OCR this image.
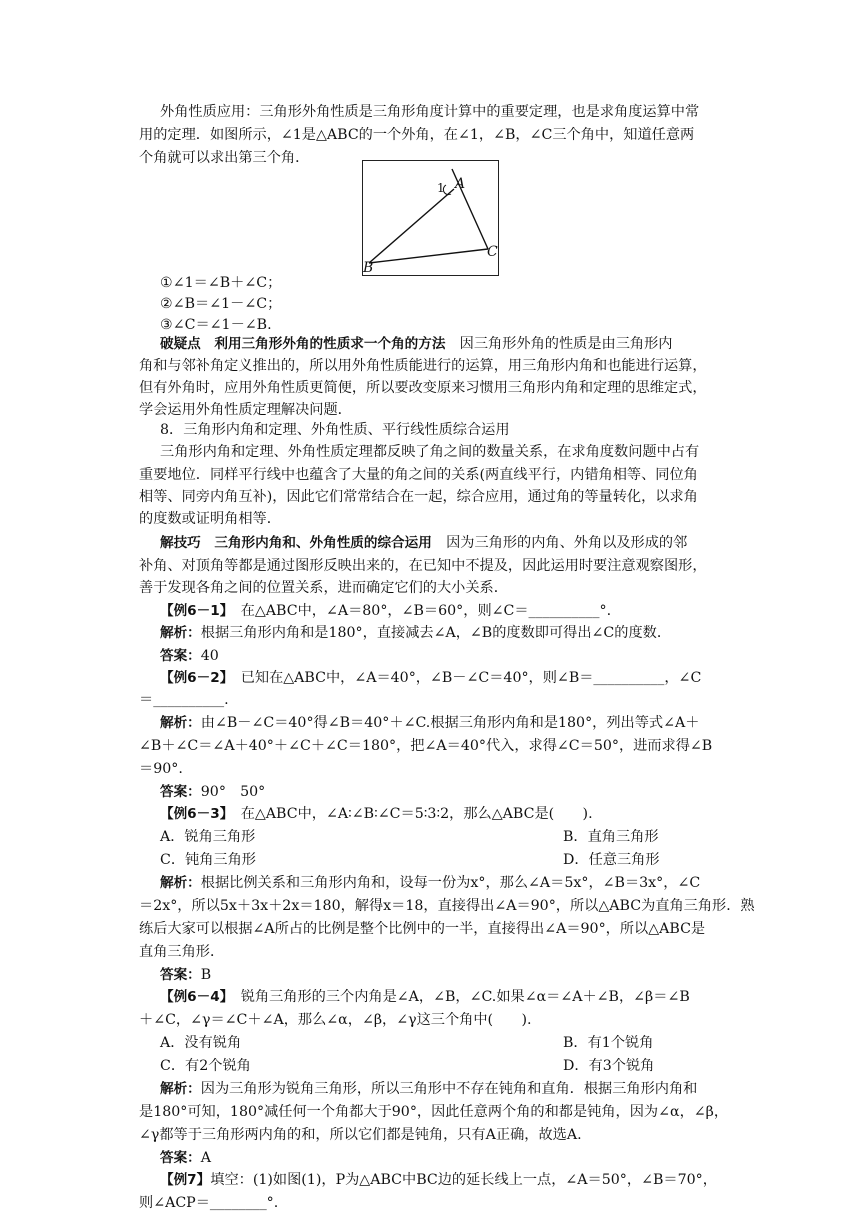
外角性质应用：三角形外角性质是三角形角度计算中的重要定理，也是求角度运算中常
用的定理．如图所示，∠1是△ABC的一个外角，在∠1，∠B，∠C三个角中，知道任意两
个角就可以求出第三个角．
1 A
B
C
①∠1＝∠B＋∠C；
②∠B＝∠1－∠C；
③∠C＝∠1－∠B.
破疑点　利用三角形外角的性质求一个角的方法　因三角形外角的性质是由三角形内
角和与邻补角定义推出的，所以用外角性质能进行的运算，用三角形内角和也能进行运算，
但有外角时，应用外角性质更简便，所以要改变原来习惯用三角形内角和定理的思维定式，
学会运用外角性质定理解决问题．
8．三角形内角和定理、外角性质、平行线性质综合运用
三角形内角和定理、外角性质定理都反映了角之间的数量关系，在求角度数问题中占有
重要地位．同样平行线中也蕴含了大量的角之间的关系(两直线平行，内错角相等、同位角
相等、同旁内角互补)，因此它们常常结合在一起，综合应用，通过角的等量转化，以求角
的度数或证明角相等．
解技巧　三角形内角和、外角性质的综合运用　因为三角形的内角、外角以及形成的邻
补角、对顶角等都是通过图形反映出来的，在已知中不提及，因此运用时要注意观察图形，
善于发现各角之间的位置关系，进而确定它们的大小关系．
【例6－1】　在△ABC中，∠A＝80°，∠B＝60°，则∠C＝__________°.
解析：根据三角形内角和是180°，直接减去∠A，∠B的度数即可得出∠C的度数．
答案：40
【例6－2】　已知在△ABC中，∠A＝40°，∠B－∠C＝40°，则∠B＝__________，∠C
＝__________.
解析：由∠B－∠C＝40°得∠B＝40°＋∠C.根据三角形内角和是180°，列出等式∠A＋
∠B＋∠C＝∠A＋40°＋∠C＋∠C＝180°，把∠A＝40°代入，求得∠C＝50°，进而求得∠B
＝90°.
答案：90°　50°
【例6－3】　在△ABC中，∠A∶∠B∶∠C＝5∶3∶2，那么△ABC是(　　).
A．锐角三角形	B．直角三角形
C．钝角三角形	D．任意三角形
解析：根据比例关系和三角形内角和，设每一份为x°，那么∠A＝5x°，∠B＝3x°，∠C
＝2x°，所以5x＋3x＋2x＝180，解得x＝18，直接得出∠A＝90°，所以△ABC为直角三角形．熟
练后大家可以根据∠A所占的比例是整个比例中的一半，直接得出∠A＝90°，所以△ABC是
直角三角形．
答案：B
【例6－4】　锐角三角形的三个内角是∠A，∠B，∠C.如果∠α＝∠A＋∠B，∠β＝∠B
＋∠C，∠γ＝∠C＋∠A，那么∠α，∠β，∠γ这三个角中(　　).
A．没有锐角	B．有1个锐角
C．有2个锐角	D．有3个锐角
解析：因为三角形为锐角三角形，所以三角形中不存在钝角和直角．根据三角形内角和
是180°可知，180°减任何一个角都大于90°，因此任意两个角的和都是钝角，因为∠α，∠β，
∠γ都等于三角形两内角的和，所以它们都是钝角，只有A正确，故选A.
答案：A
【例7】填空：(1)如图(1)，P为△ABC中BC边的延长线上一点，∠A＝50°，∠B＝70°，
则∠ACP＝________°.
